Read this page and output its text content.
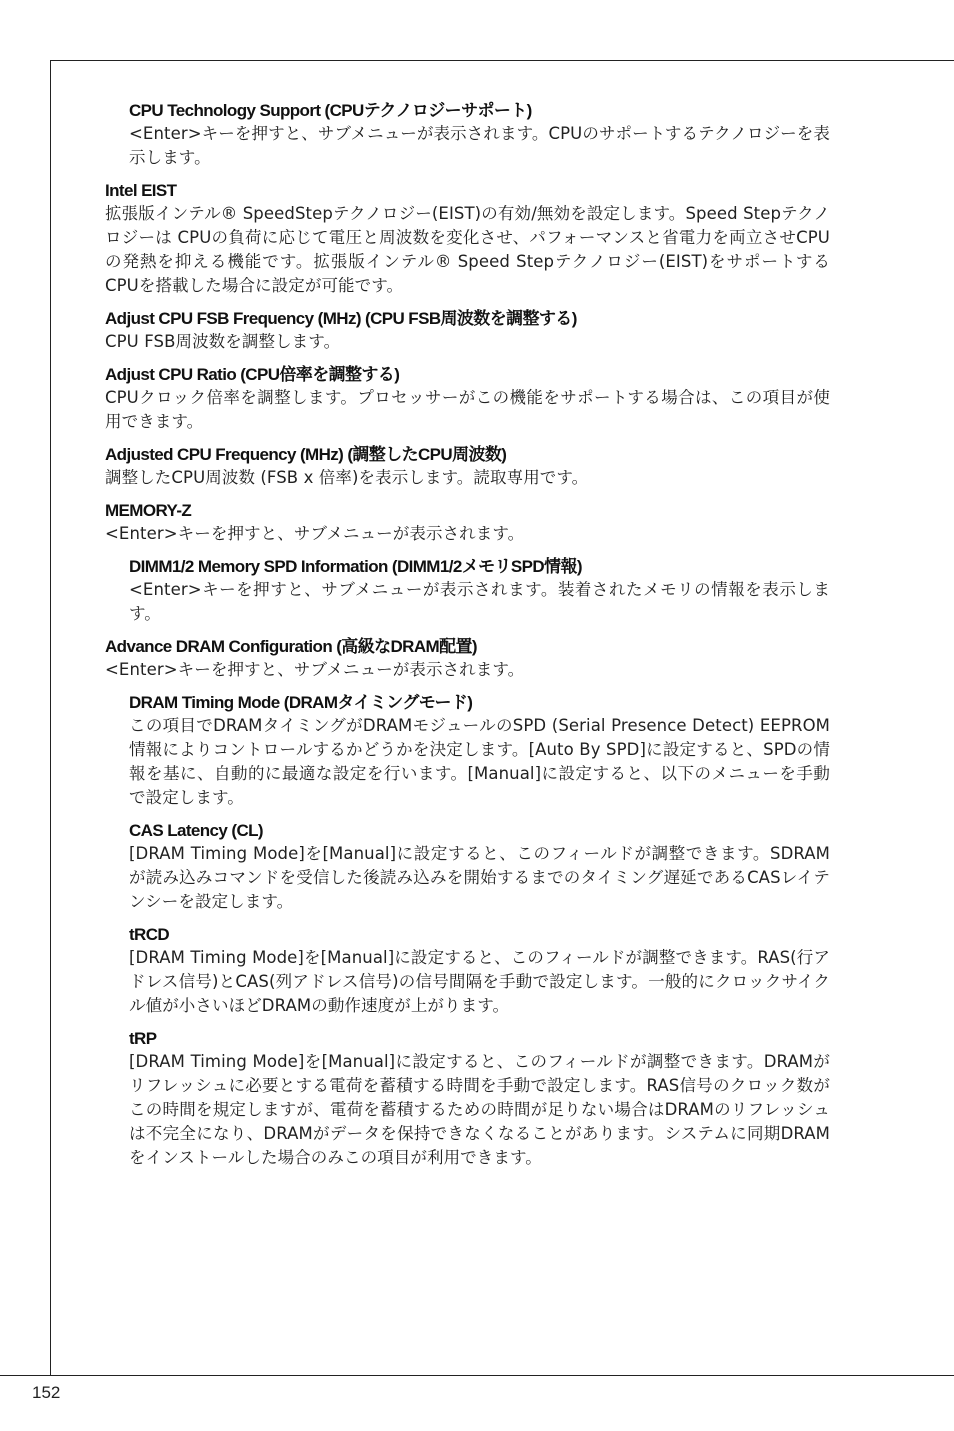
CPU Technology Support (CPUテクノロジーサポート)
<Enter>キーを押すと、サブメニューが表示されます。CPUのサポートするテクノロジーを表示します。
Intel EIST
拡張版インテル® SpeedStepテクノロジー(EIST)の有効/無効を設定します。Speed Stepテクノロジーは CPUの負荷に応じて電圧と周波数を変化させ、パフォーマンスと省電力を両立させCPUの発熱を抑える機能です。拡張版インテル® Speed Stepテクノロジー(EIST)をサポートするCPUを搭載した場合に設定が可能です。
Adjust CPU FSB Frequency (MHz) (CPU FSB周波数を調整する)
CPU FSB周波数を調整します。
Adjust CPU Ratio (CPU倍率を調整する)
CPUクロック倍率を調整します。プロセッサーがこの機能をサポートする場合は、この項目が使用できます。
Adjusted CPU Frequency (MHz) (調整したCPU周波数)
調整したCPU周波数 (FSB x 倍率)を表示します。読取専用です。
MEMORY-Z
<Enter>キーを押すと、サブメニューが表示されます。
DIMM1/2 Memory SPD Information (DIMM1/2メモリSPD情報)
<Enter>キーを押すと、サブメニューが表示されます。装着されたメモリの情報を表示します。
Advance DRAM Configuration (高級なDRAM配置)
<Enter>キーを押すと、サブメニューが表示されます。
DRAM Timing Mode (DRAMタイミングモード)
この項目でDRAMタイミングがDRAMモジュールのSPD (Serial Presence Detect) EEPROM情報によりコントロールするかどうかを決定します。[Auto By SPD]に設定すると、SPDの情報を基に、自動的に最適な設定を行います。[Manual]に設定すると、以下のメニューを手動で設定します。
CAS Latency (CL)
[DRAM Timing Mode]を[Manual]に設定すると、このフィールドが調整できます。SDRAMが読み込みコマンドを受信した後読み込みを開始するまでのタイミング遅延であるCASレイテンシーを設定します。
tRCD
[DRAM Timing Mode]を[Manual]に設定すると、このフィールドが調整できます。RAS(行アドレス信号)とCAS(列アドレス信号)の信号間隔を手動で設定します。一般的にクロックサイクル値が小さいほどDRAMの動作速度が上がります。
tRP
[DRAM Timing Mode]を[Manual]に設定すると、このフィールドが調整できます。DRAMがリフレッシュに必要とする電荷を蓄積する時間を手動で設定します。RAS信号のクロック数がこの時間を規定しますが、電荷を蓄積するための時間が足りない場合はDRAMのリフレッシュは不完全になり、DRAMがデータを保持できなくなることがあります。システムに同期DRAMをインストールした場合のみこの項目が利用できます。
152
